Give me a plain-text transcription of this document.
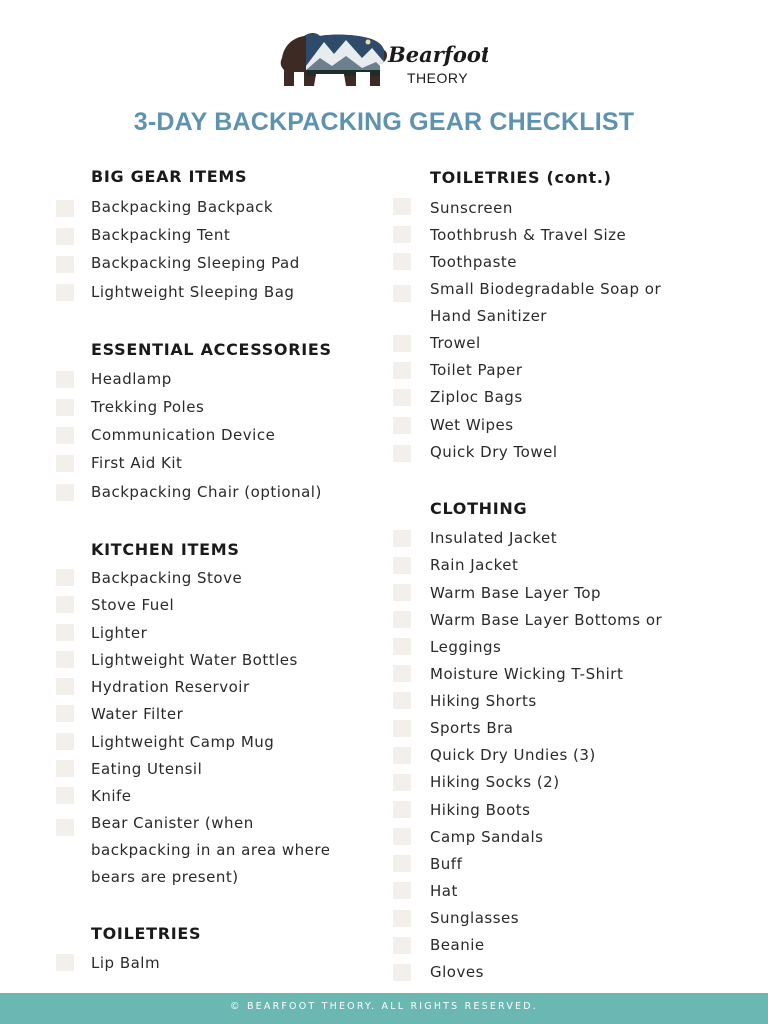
Bearfoot
THEORY
3-DAY BACKPACKING GEAR CHECKLIST
BIG GEAR ITEMS
Backpacking Backpack
Backpacking Tent
Backpacking Sleeping Pad
Lightweight Sleeping Bag
ESSENTIAL ACCESSORIES
Headlamp
Trekking Poles
Communication Device
First Aid Kit
Backpacking Chair (optional)
KITCHEN ITEMS
Backpacking Stove
Stove Fuel
Lighter
Lightweight Water Bottles
Hydration Reservoir
Water Filter
Lightweight Camp Mug
Eating Utensil
Knife
Bear Canister (when
backpacking in an area where
bears are present)
TOILETRIES
Lip Balm
TOILETRIES (cont.)
Sunscreen
Toothbrush & Travel Size
Toothpaste
Small Biodegradable Soap or
Hand Sanitizer
Trowel
Toilet Paper
Ziploc Bags
Wet Wipes
Quick Dry Towel
CLOTHING
Insulated Jacket
Rain Jacket
Warm Base Layer Top
Warm Base Layer Bottoms or
Leggings
Moisture Wicking T-Shirt
Hiking Shorts
Sports Bra
Quick Dry Undies (3)
Hiking Socks (2)
Hiking Boots
Camp Sandals
Buff
Hat
Sunglasses
Beanie
Gloves
© BEARFOOT THEORY. ALL RIGHTS RESERVED.
